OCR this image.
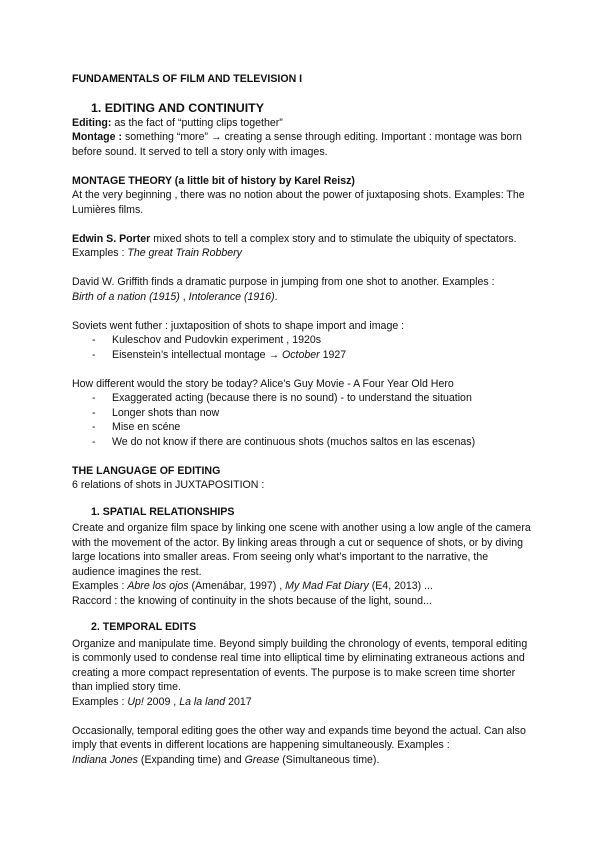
FUNDAMENTALS OF FILM AND TELEVISION I

1. EDITING AND CONTINUITY

Editing: as the fact of “putting clips together”

Montage : something “more” → creating a sense through editing. Important : montage was born before sound. It served to tell a story only with images.

MONTAGE THEORY (a little bit of history by Karel Reisz)

At the very beginning , there was no notion about the power of juxtaposing shots. Examples: The Lumières films.

Edwin S. Porter mixed shots to tell a complex story and to stimulate the ubiquity of spectators. Examples : The great Train Robbery

David W. Griffith finds a dramatic purpose in jumping from one shot to another. Examples :
Birth of a nation (1915) , Intolerance (1916).

Soviets went futher : juxtaposition of shots to shape import and image :

- Kuleschov and Pudovkin experiment , 1920s
- Eisenstein’s intellectual montage → October 1927

How different would the story be today? Alice’s Guy Movie - A Four Year Old Hero

- Exaggerated acting (because there is no sound) - to understand the situation
- Longer shots than now
- Mise en scéne
- We do not know if there are continuous shots (muchos saltos en las escenas)

THE LANGUAGE OF EDITING

6 relations of shots in JUXTAPOSITION :

1. SPATIAL RELATIONSHIPS

Create and organize film space by linking one scene with another using a low angle of the camera with the movement of the actor. By linking areas through a cut or sequence of shots, or by diving large locations into smaller areas. From seeing only what’s important to the narrative, the audience imagines the rest.

Examples : Abre los ojos (Amenábar, 1997) , My Mad Fat Diary (E4, 2013) ...

Raccord : the knowing of continuity in the shots because of the light, sound...

2. TEMPORAL EDITS

Organize and manipulate time. Beyond simply building the chronology of events, temporal editing is commonly used to condense real time into elliptical time by eliminating extraneous actions and creating a more compact representation of events. The purpose is to make screen time shorter than implied story time.

Examples : Up! 2009 , La la land 2017

Occasionally, temporal editing goes the other way and expands time beyond the actual. Can also imply that events in different locations are happening simultaneously. Examples :
Indiana Jones (Expanding time) and Grease (Simultaneous time).
